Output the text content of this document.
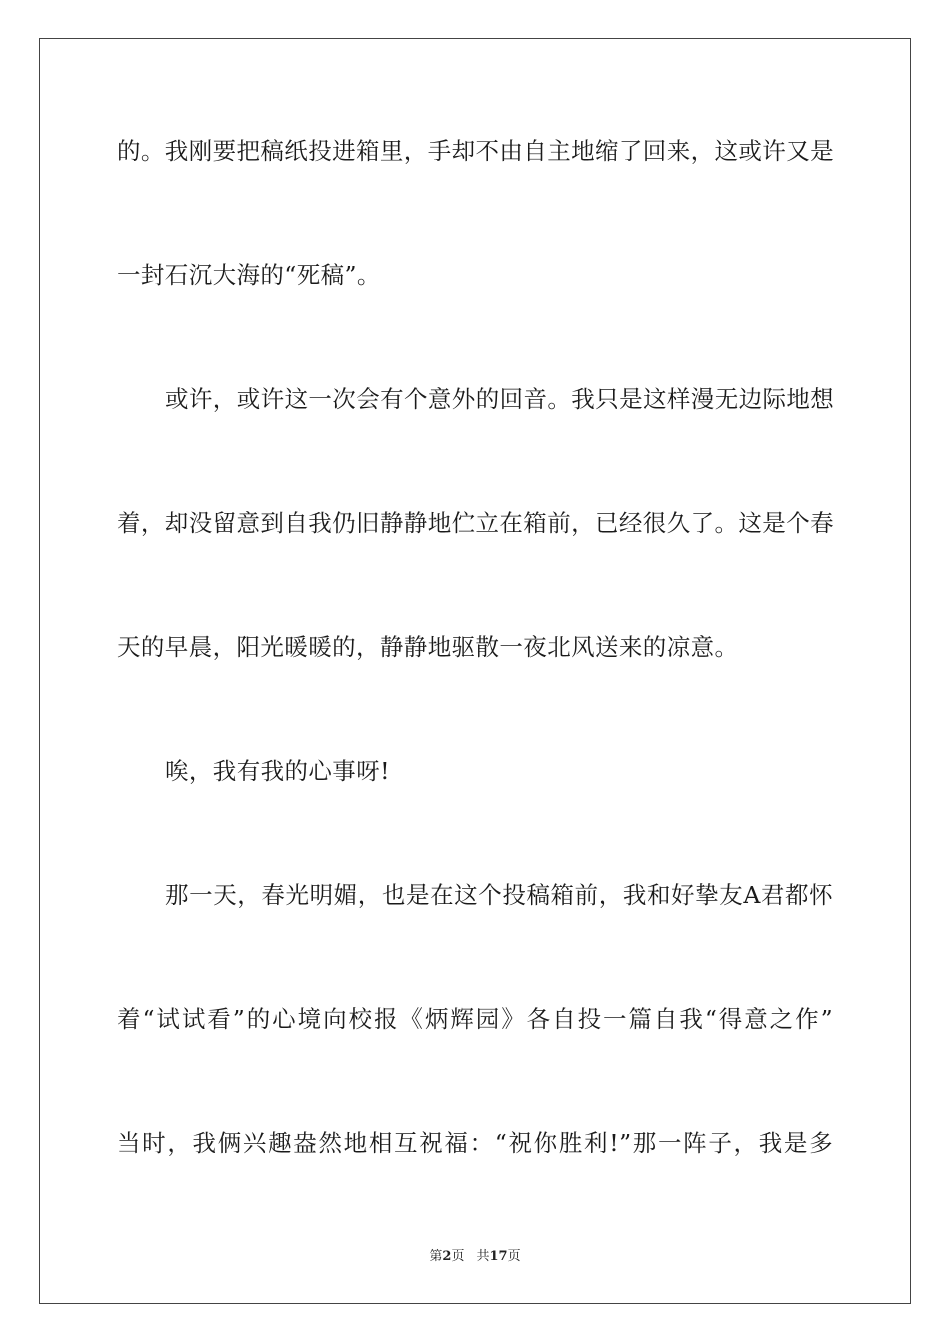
的。我刚要把稿纸投进箱里，手却不由自主地缩了回来，这或许又是
一封石沉大海的“死稿”。
或许，或许这一次会有个意外的回音。我只是这样漫无边际地想
着，却没留意到自我仍旧静静地伫立在箱前，已经很久了。这是个春
天的早晨，阳光暖暖的，静静地驱散一夜北风送来的凉意。
唉，我有我的心事呀!
那一天，春光明媚，也是在这个投稿箱前，我和好挚友A君都怀
着“试试看”的心境向校报《炳辉园》各自投一篇自我“得意之作”
当时，我俩兴趣盎然地相互祝福：“祝你胜利!”那一阵子，我是多
第2页 共17页
